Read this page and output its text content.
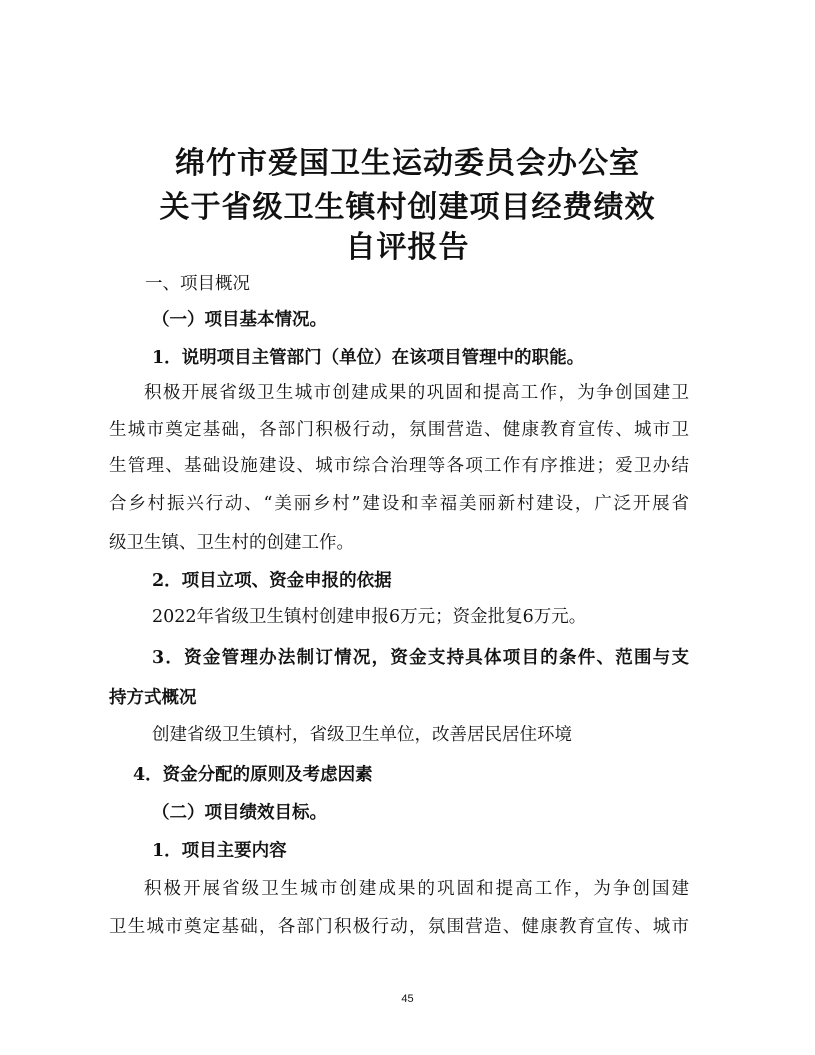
绵竹市爱国卫生运动委员会办公室
关于省级卫生镇村创建项目经费绩效
自评报告
一、项目概况
（一）项目基本情况。
1．说明项目主管部门（单位）在该项目管理中的职能。
积极开展省级卫生城市创建成果的巩固和提高工作，为争创国建卫
生城市奠定基础，各部门积极行动，氛围营造、健康教育宣传、城市卫
生管理、基础设施建设、城市综合治理等各项工作有序推进；爱卫办结
合乡村振兴行动、“美丽乡村”建设和幸福美丽新村建设，广泛开展省
级卫生镇、卫生村的创建工作。
2．项目立项、资金申报的依据
2022年省级卫生镇村创建申报6万元；资金批复6万元。
3．资金管理办法制订情况，资金支持具体项目的条件、范围与支
持方式概况
创建省级卫生镇村，省级卫生单位，改善居民居住环境
4．资金分配的原则及考虑因素
（二）项目绩效目标。
1．项目主要内容
积极开展省级卫生城市创建成果的巩固和提高工作，为争创国建
卫生城市奠定基础，各部门积极行动，氛围营造、健康教育宣传、城市
45
